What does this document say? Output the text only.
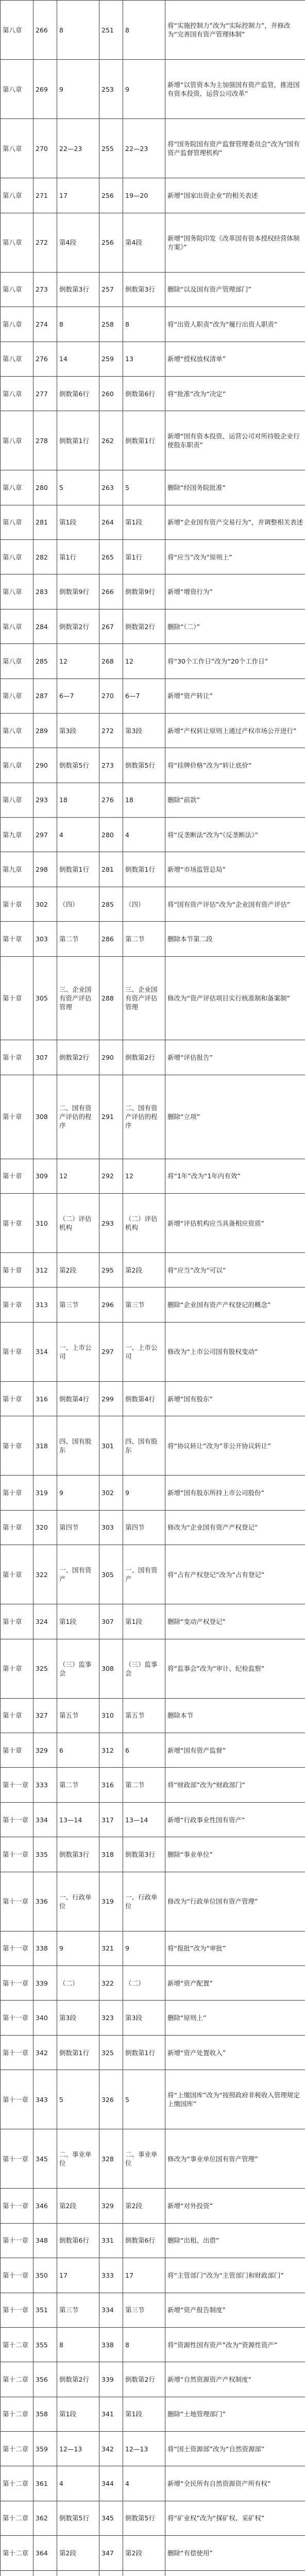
第八章	266	8	251	8	将“实施控制力”改为“实际控制力”，并修改为“完善国有资产管理体制”
第八章	269	9	253	9	新增“以管资本为主加强国有资产监管，推进国有资本投资、运营公司改革”
第八章	270	22—23	255	22—23	将“国务院国有资产监督管理委员会”改为“国有资产监督管理机构”
第八章	271	17	256	19—20	新增“国家出资企业”的相关表述
第八章	272	第4段	256	第4段	新增“国务院印发《改革国有资本授权经营体制方案》”
第八章	273	倒数第3行	257	倒数第3行	删除“以及国有资产管理部门”
第八章	274	8	258	8	将“出资人职责”改为“履行出资人职责”
第八章	276	14	259	13	新增“授权放权清单”
第八章	277	倒数第6行	260	倒数第6行	将“批准”改为“决定”
第八章	278	倒数第1行	262	倒数第1行	新增“国有资本投资、运营公司对所持股企业行使股东职责”
第八章	280	5	263	5	删除“经国务院批准”
第八章	281	第1段	264	第1段	新增“企业国有资产交易行为”，并调整相关表述
第八章	282	第1行	265	第1行	将“应当”改为“原则上”
第八章	283	倒数第9行	266	倒数第9行	新增“增资行为”
第八章	284	倒数第2行	267	倒数第2行	删除“（二）”
第八章	285	12	268	12	将“30个工作日”改为“20个工作日”
第八章	287	6—7	270	6—7	新增“资产转让”
第八章	289	第3段	272	第3段	新增“产权转让原则上通过产权市场公开进行”
第八章	290	倒数第5行	273	倒数第5行	将“挂牌价格”改为“转让底价”
第八章	293	18	276	18	删除“前款”
第九章	297	4	280	4	将“反垄断法”改为“《反垄断法》”
第九章	298	倒数第1行	281	倒数第1行	新增“市场监管总局”
第十章	302	（四）	285	（四）	将“国有资产评估”改为“企业国有资产评估”
第十章	303	第二节	286	第二节	删除本节第二段
第十章	305	三、企业国有资产评估管理	288	三、企业国有资产评估管理	修改为“资产评估项目实行核准制和备案制”
第十章	307	倒数第2行	290	倒数第2行	新增“评估报告”
第十章	308	二、国有资产评估的程序	291	二、国有资产评估的程序	删除“立项”
第十章	309	12	292	12	将“1年”改为“1年内有效”
第十章	310	（二）评估机构	293	（二）评估机构	新增“评估机构应当具备相应资质”
第十章	312	第2段	295	第2段	将“应当”改为“可以”
第十章	313	第三节	296	第三节	删除“企业国有资产产权登记的概念”
第十章	314	一、上市公司	297	一、上市公司	修改为“上市公司国有股权变动”
第十章	316	倒数第4行	299	倒数第4行	新增“国有股东”
第十章	318	四、国有股东	301	四、国有股东	将“协议转让”改为“非公开协议转让”
第十章	319	9	302	9	新增“国有股东所持上市公司股份”
第十章	320	第四节	303	第四节	修改为“企业国有资产产权登记”
第十章	322	一、国有资产	305	一、国有资产	将“占有产权登记”改为“占有登记”
第十章	324	第1段	307	第1段	删除“变动产权登记”
第十章	325	（三）监事会	308	（三）监事会	将“监事会”改为“审计、纪检监察”
第十章	327	第五节	310	第五节	删除本节
第十章	329	6	312	6	新增“国有资产监督”
第十一章	333	第二节	316	第二节	将“财政部”改为“财政部门”
第十一章	334	13—14	317	13—14	新增“行政事业性国有资产”
第十一章	335	倒数第3行	318	倒数第3行	删除“事业单位”
第十一章	336	一、行政单位	319	一、行政单位	修改为“行政单位国有资产管理”
第十一章	338	9	321	9	将“报批”改为“审批”
第十一章	339	（二）	322	（二）	新增“资产配置”
第十一章	340	第3段	323	第3段	删除“原则上”
第十一章	342	倒数第1行	325	倒数第1行	新增“资产处置收入”
第十一章	343	5	326	5	将“上缴国库”改为“按照政府非税收入管理规定上缴国库”
第十一章	345	二、事业单位	328	二、事业单位	修改为“事业单位国有资产管理”
第十一章	346	第2段	329	第2段	新增“对外投资”
第十一章	348	倒数第6行	331	倒数第6行	删除“出租、出借”
第十一章	350	17	333	17	将“主管部门”改为“主管部门和财政部门”
第十一章	351	第三节	334	第三节	新增“资产报告制度”
第十二章	355	8	338	8	将“资源性国有资产”改为“资源性资产”
第十二章	356	倒数第2行	339	倒数第2行	新增“自然资源资产产权制度”
第十二章	358	第1段	341	第1段	删除“土地管理部门”
第十二章	359	12—13	342	12—13	将“国土资源部”改为“自然资源部”
第十二章	361	4	344	4	新增“全民所有自然资源资产所有权”
第十二章	362	倒数第5行	345	倒数第5行	将“矿业权”改为“探矿权、采矿权”
第十二章	364	第2段	347	第2段	删除“有偿使用”
